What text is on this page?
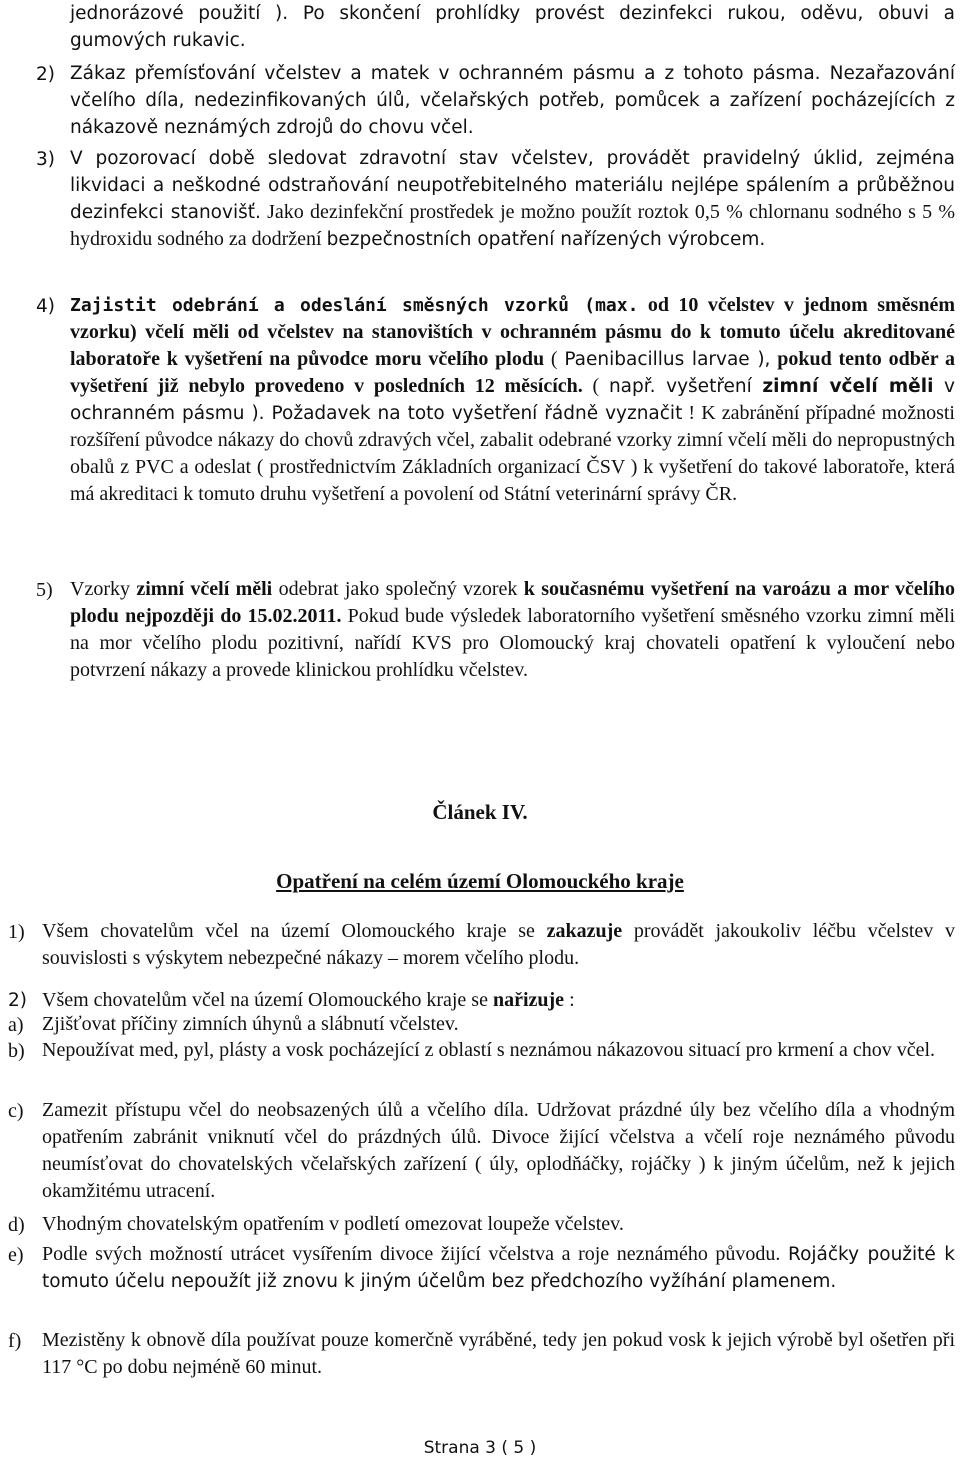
jednorázové použití ). Po skončení prohlídky provést dezinfekci rukou, oděvu, obuvi a gumových rukavic.

2) Zákaz přemísťování včelstev a matek v ochranném pásmu a z tohoto pásma. Nezařazování včelího díla, nedezinfikovaných úlů, včelařských potřeb, pomůcek a zařízení pocházejících z nákazově neznámých zdrojů do chovu včel.

3) V pozorovací době sledovat zdravotní stav včelstev, provádět pravidelný úklid, zejména likvidaci a neškodné odstraňování neupotřebitelného materiálu nejlépe spálením a průběžnou dezinfekci stanovišť. Jako dezinfekční prostředek je možno použít roztok 0,5 % chlornanu sodného s 5 % hydroxidu sodného za dodržení bezpečnostních opatření nařízených výrobcem.

4) Zajistit odebrání a odeslání směsných vzorků (max. od 10 včelstev v jednom směsném vzorku) včelí měli od včelstev na stanovištích v ochranném pásmu do k tomuto účelu akreditované laboratoře k vyšetření na původce moru včelího plodu ( Paenibacillus larvae ), pokud tento odběr a vyšetření již nebylo provedeno v posledních 12 měsících. ( např. vyšetření zimní včelí měli v ochranném pásmu ). Požadavek na toto vyšetření řádně vyznačit ! K zabránění případné možnosti rozšíření původce nákazy do chovů zdravých včel, zabalit odebrané vzorky zimní včelí měli do nepropustných obalů z PVC a odeslat ( prostřednictvím Základních organizací ČSV ) k vyšetření do takové laboratoře, která má akreditaci k tomuto druhu vyšetření a povolení od Státní veterinární správy ČR.

5) Vzorky zimní včelí měli odebrat jako společný vzorek k současnému vyšetření na varoázu a mor včelího plodu nejpozději do 15.02.2011. Pokud bude výsledek laboratorního vyšetření směsného vzorku zimní měli na mor včelího plodu pozitivní, nařídí KVS pro Olomoucký kraj chovateli opatření k vyloučení nebo potvrzení nákazy a provede klinickou prohlídku včelstev.

Článek IV.
Opatření na celém území Olomouckého kraje
1) Všem chovatelům včel na území Olomouckého kraje se zakazuje provádět jakoukoliv léčbu včelstev v souvislosti s výskytem nebezpečné nákazy – morem včelího plodu.

2) Všem chovatelům včel na území Olomouckého kraje se nařizuje :

a) Zjišťovat příčiny zimních úhynů a slábnutí včelstev.

b) Nepoužívat med, pyl, plásty a vosk pocházející z oblastí s neznámou nákazovou situací pro krmení a chov včel.

c) Zamezit přístupu včel do neobsazených úlů a včelího díla. Udržovat prázdné úly bez včelího díla a vhodným opatřením zabránit vniknutí včel do prázdných úlů. Divoce žijící včelstva a včelí roje neznámého původu neumísťovat do chovatelských včelařských zařízení ( úly, oplodňáčky, rojáčky ) k jiným účelům, než k jejich okamžitému utracení.

d) Vhodným chovatelským opatřením v podletí omezovat loupeže včelstev.

e) Podle svých možností utrácet vysířením divoce žijící včelstva a roje neznámého původu. Rojáčky použité k tomuto účelu nepoužít již znovu k jiným účelům bez předchozího vyžíhání plamenem.

f) Mezistěny k obnově díla používat pouze komerčně vyráběné, tedy jen pokud vosk k jejich výrobě byl ošetřen při 117 °C po dobu nejméně 60 minut.

Strana 3 ( 5 )
